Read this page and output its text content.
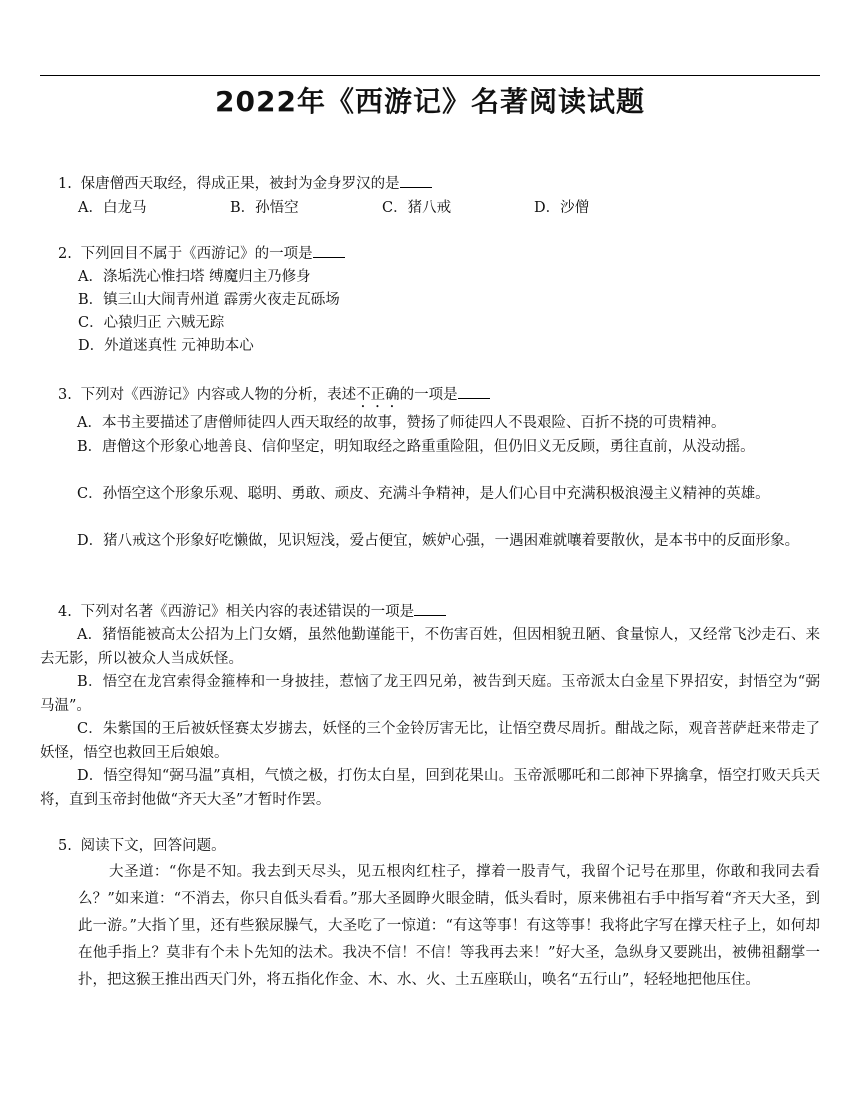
2022年《西游记》名著阅读试题
1. 保唐僧西天取经，得成正果，被封为金身罗汉的是
A．白龙马	B．孙悟空	C．猪八戒	D．沙僧
2. 下列回目不属于《西游记》的一项是
A．涤垢洗心惟扫塔 缚魔归主乃修身
B．镇三山大闹青州道 霹雳火夜走瓦砾场
C．心猿归正 六贼无踪
D．外道迷真性 元神助本心
3. 下列对《西游记》内容或人物的分析，表述不正确的一项是
A．本书主要描述了唐僧师徒四人西天取经的故事，赞扬了师徒四人不畏艰险、百折不挠的可贵精神。
B．唐僧这个形象心地善良、信仰坚定，明知取经之路重重险阻，但仍旧义无反顾，勇往直前，从没动摇。
C．孙悟空这个形象乐观、聪明、勇敢、顽皮、充满斗争精神，是人们心目中充满积极浪漫主义精神的英雄。
D．猪八戒这个形象好吃懒做，见识短浅，爱占便宜，嫉妒心强，一遇困难就嚷着要散伙，是本书中的反面形象。
4. 下列对名著《西游记》相关内容的表述错误的一项是
A．猪悟能被高太公招为上门女婿，虽然他勤谨能干，不伤害百姓，但因相貌丑陋、食量惊人，又经常飞沙走石、来去无影，所以被众人当成妖怪。
B．悟空在龙宫索得金箍棒和一身披挂，惹恼了龙王四兄弟，被告到天庭。玉帝派太白金星下界招安，封悟空为“弼马温”。
C．朱紫国的王后被妖怪赛太岁掳去，妖怪的三个金铃厉害无比，让悟空费尽周折。酣战之际，观音菩萨赶来带走了妖怪，悟空也救回王后娘娘。
D．悟空得知“弼马温”真相，气愤之极，打伤太白星，回到花果山。玉帝派哪吒和二郎神下界擒拿，悟空打败天兵天将，直到玉帝封他做“齐天大圣”才暂时作罢。
5. 阅读下文，回答问题。
大圣道：“你是不知。我去到天尽头，见五根肉红柱子，撑着一股青气，我留个记号在那里，你敢和我同去看么？”如来道：“不消去，你只自低头看看。”那大圣圆睁火眼金睛，低头看时，原来佛祖右手中指写着“齐天大圣，到此一游。”大指丫里，还有些猴尿臊气，大圣吃了一惊道：“有这等事！有这等事！我将此字写在撑天柱子上，如何却在他手指上？莫非有个未卜先知的法术。我决不信！不信！等我再去来！”好大圣，急纵身又要跳出，被佛祖翻掌一扑，把这猴王推出西天门外，将五指化作金、木、水、火、土五座联山，唤名“五行山”，轻轻地把他压住。
